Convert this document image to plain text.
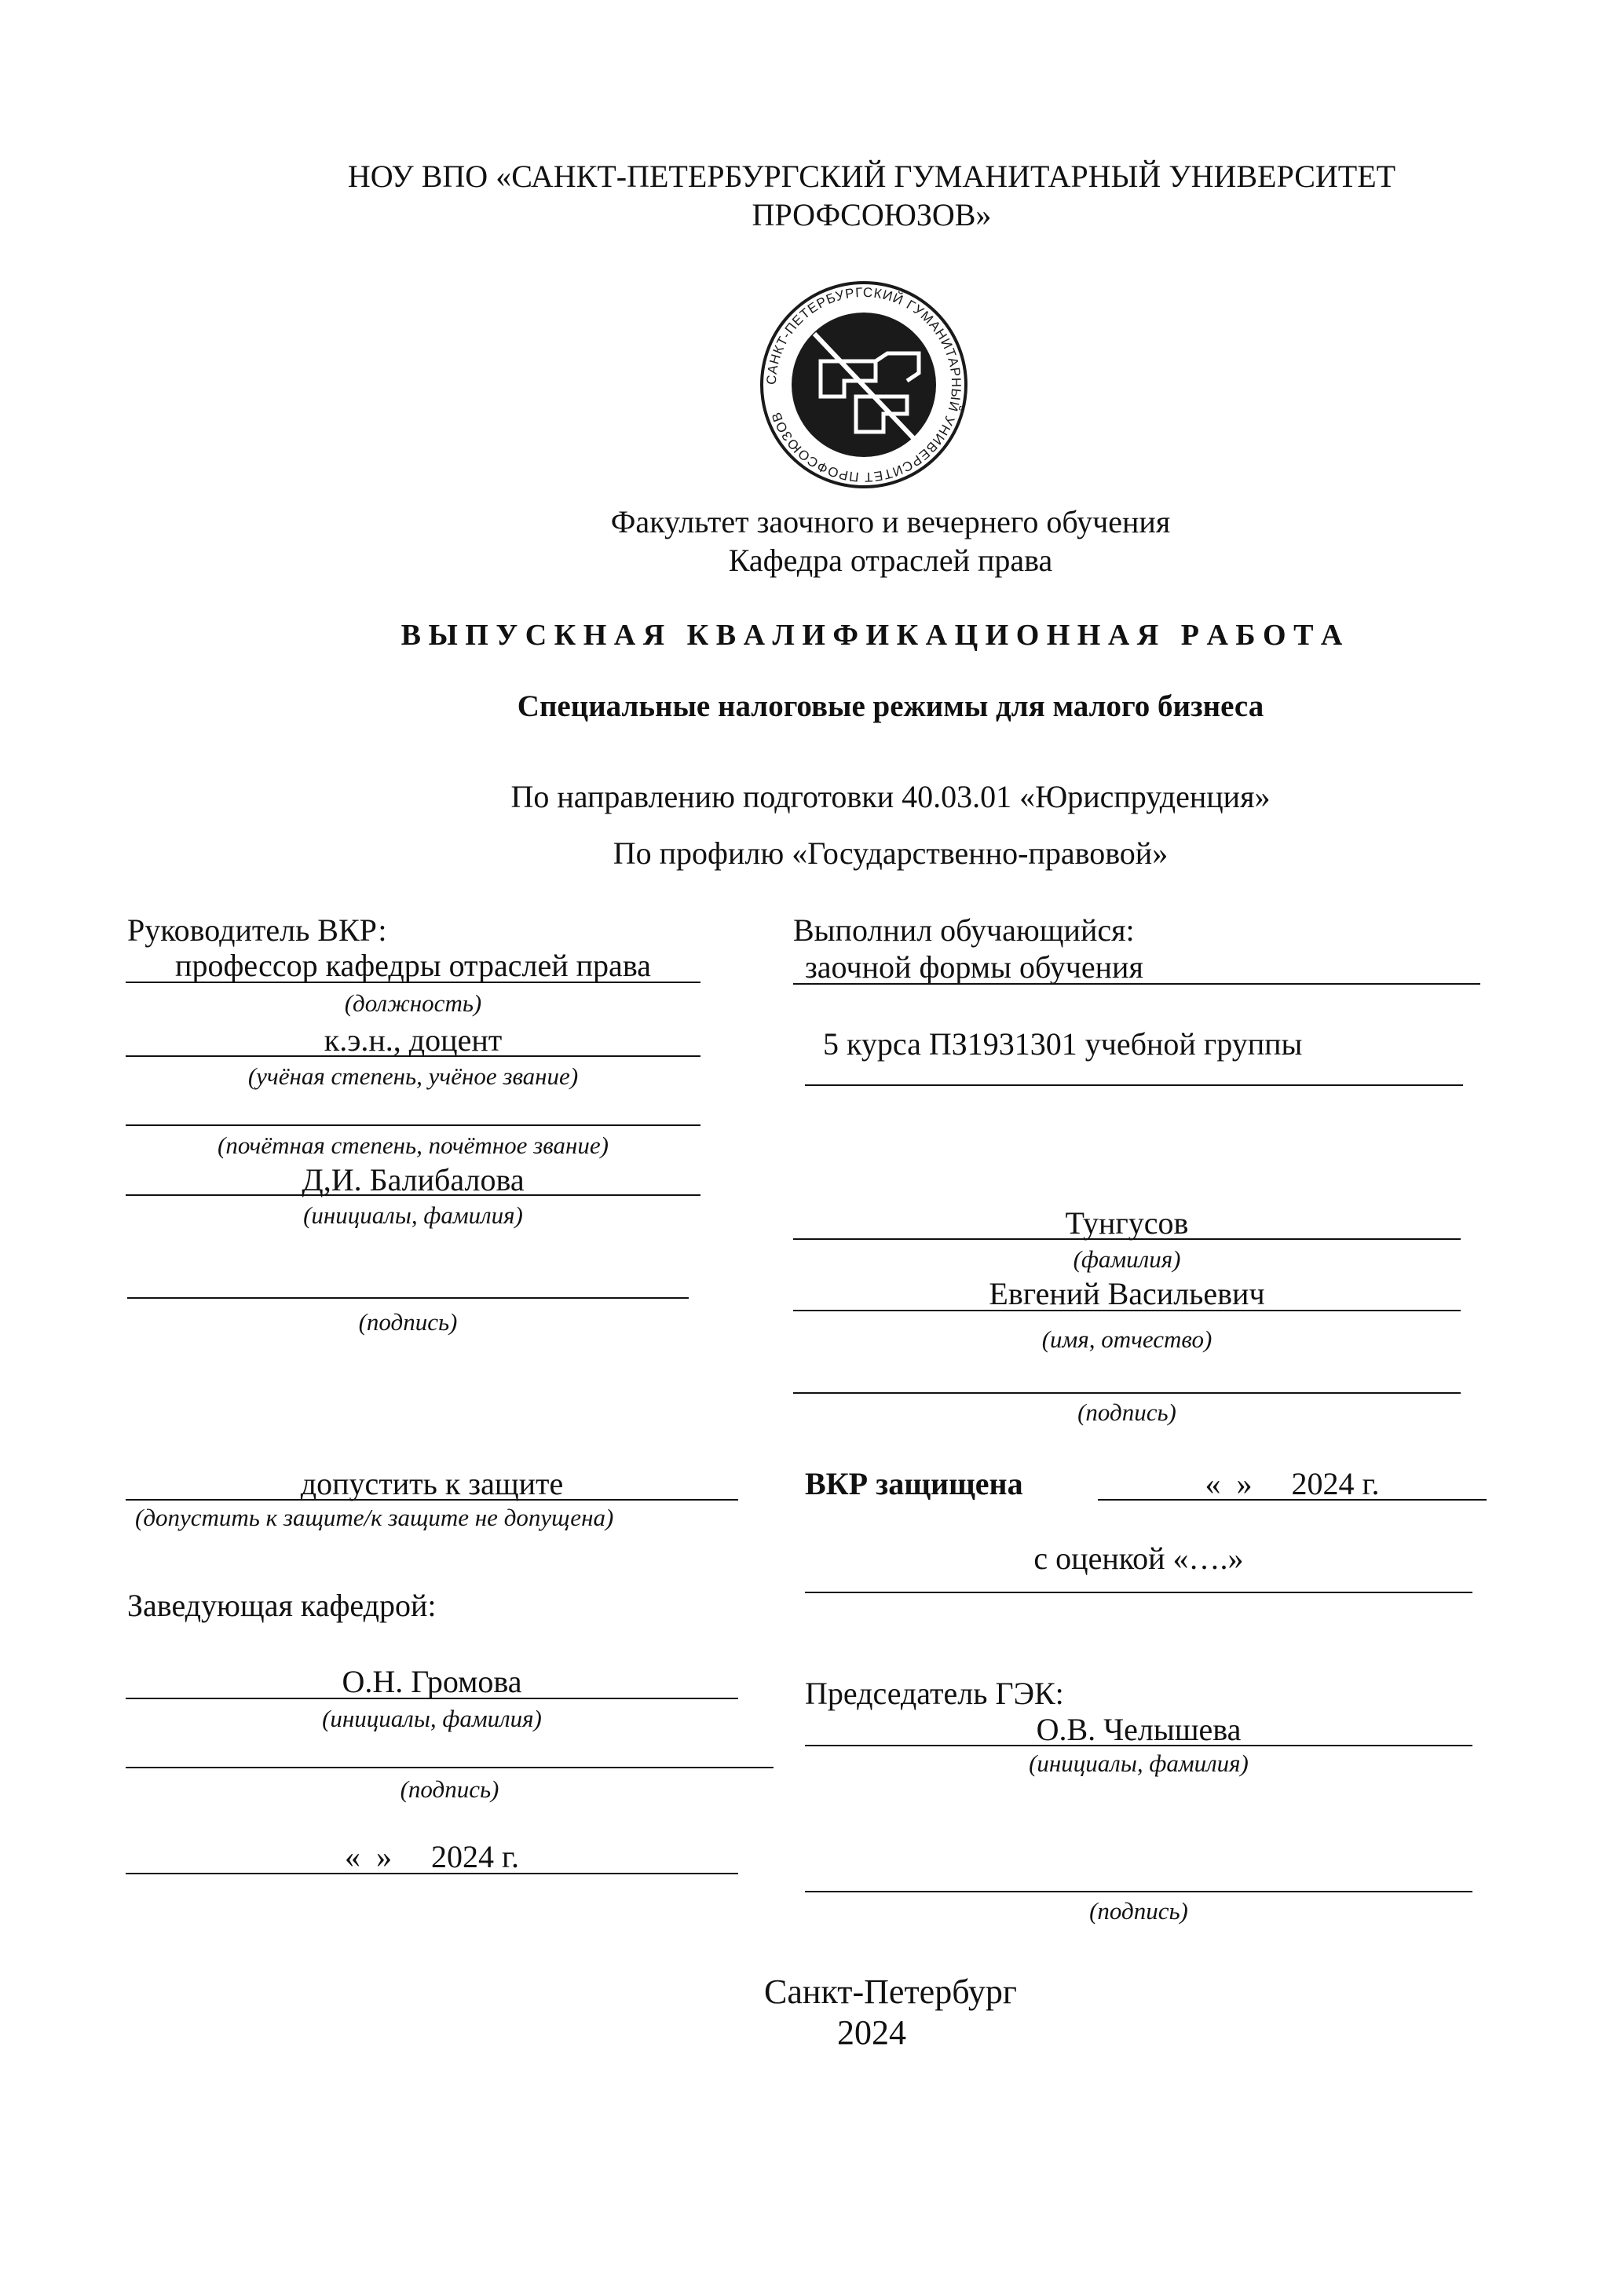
НОУ ВПО «САНКТ-ПЕТЕРБУРГСКИЙ ГУМАНИТАРНЫЙ УНИВЕРСИТЕТ
ПРОФСОЮЗОВ»
САНКТ-ПЕТЕРБУРГСКИЙ ГУМАНИТАРНЫЙ УНИВЕРСИТЕТ ПРОФСОЮЗОВ
Факультет заочного и вечернего обучения
Кафедра отраслей права
В Ы П У С К Н А Я   К В А Л И Ф И К А Ц И О Н Н А Я   Р А Б О Т А
Специальные налоговые режимы для малого бизнеса
По направлению подготовки 40.03.01 «Юриспруденция»
По профилю «Государственно-правовой»
Руководитель ВКР:
профессор кафедры отраслей права
(должность)
к.э.н., доцент
(учёная степень, учёное звание)
(почётная степень, почётное звание)
Д,И. Балибалова
(инициалы, фамилия)
(подпись)
Выполнил обучающийся:
заочной формы обучения
5 курса ПЗ1931301 учебной группы
Тунгусов
(фамилия)
Евгений Васильевич
(имя, отчество)
(подпись)
допустить к защите
(допустить к защите/к защите не допущена)
Заведующая кафедрой:
О.Н. Громова
(инициалы, фамилия)
(подпись)
«  »     2024 г.
ВКР защищена	«  »     2024 г.
с оценкой «….»
Председатель ГЭК:
О.В. Челышева
(инициалы, фамилия)
(подпись)
Санкт-Петербург
2024
